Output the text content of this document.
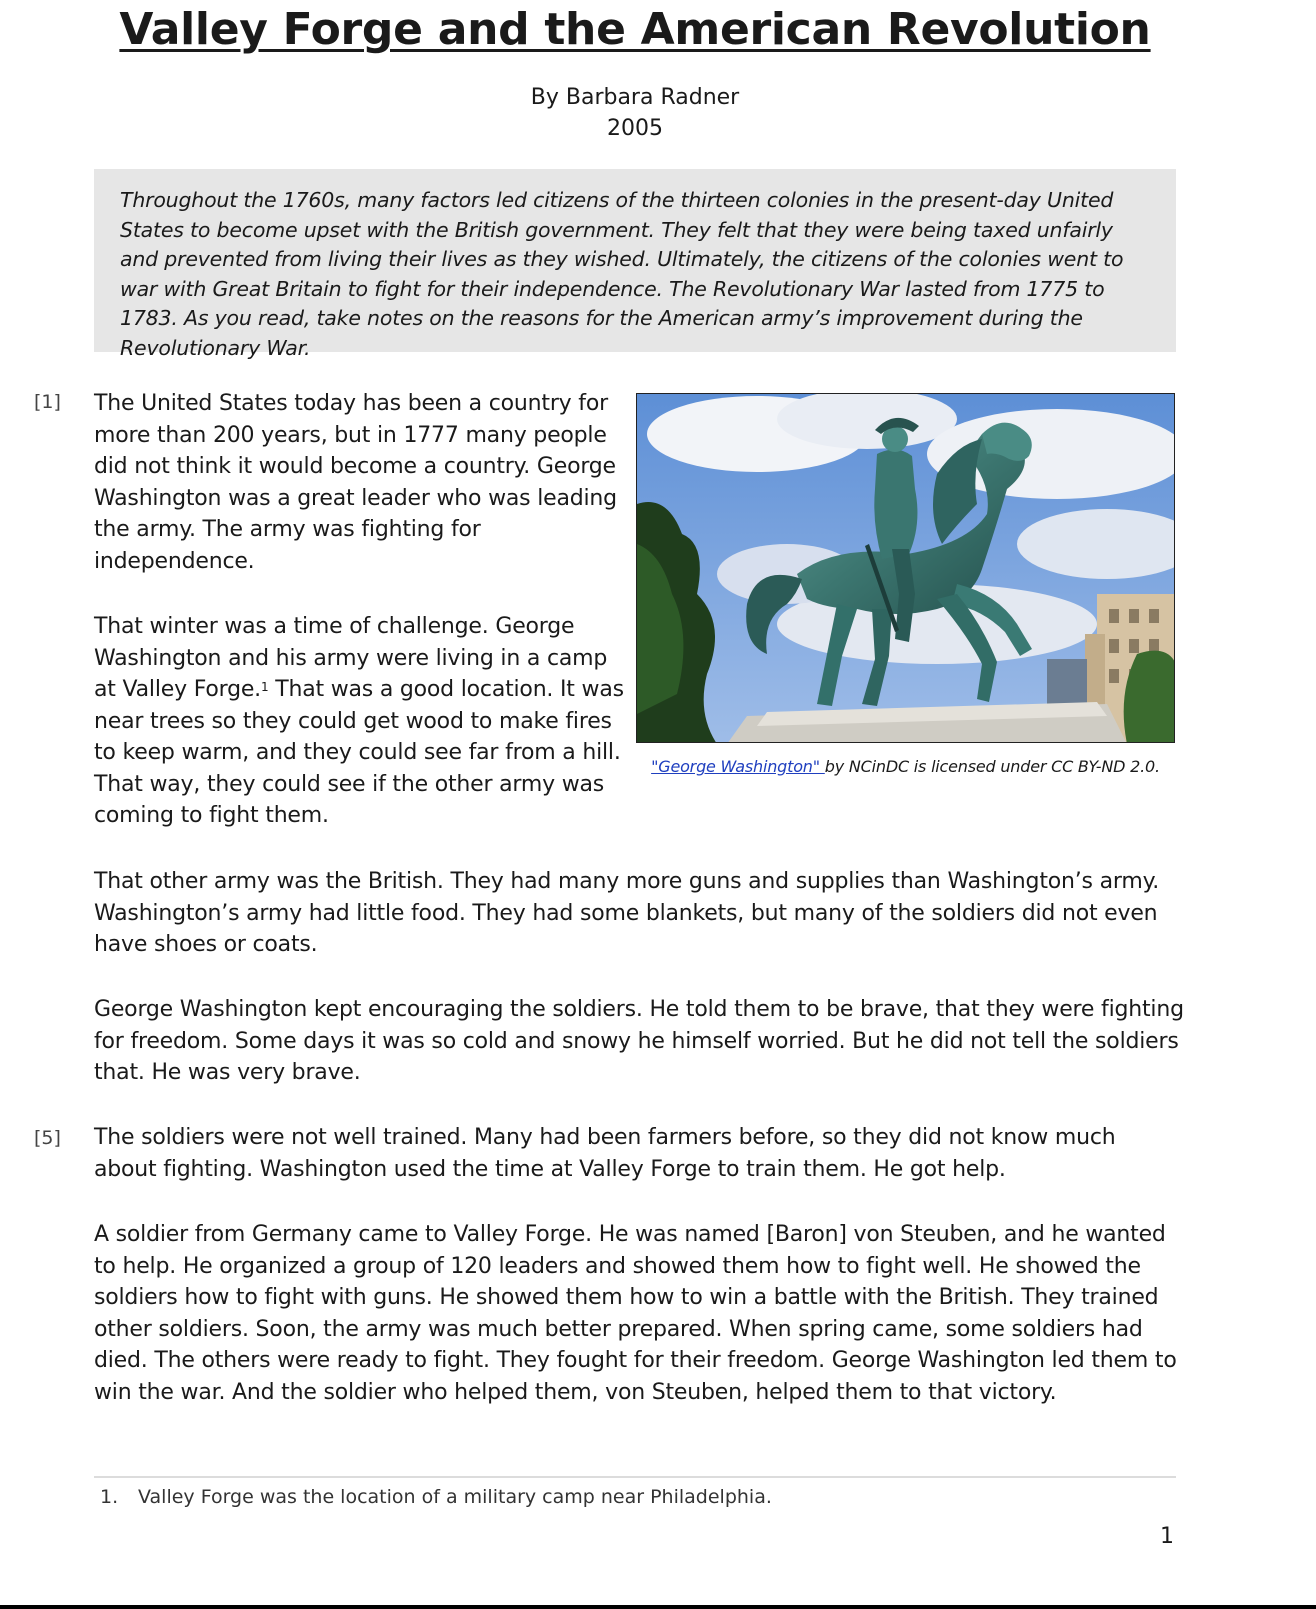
Valley Forge and the American Revolution
By Barbara Radner
2005
Throughout the 1760s, many factors led citizens of the thirteen colonies in the present-day United States to become upset with the British government. They felt that they were being taxed unfairly and prevented from living their lives as they wished. Ultimately, the citizens of the colonies went to war with Great Britain to fight for their independence. The Revolutionary War lasted from 1775 to 1783. As you read, take notes on the reasons for the American army’s improvement during the Revolutionary War.
[1] The United States today has been a country for more than 200 years, but in 1777 many people did not think it would become a country. George Washington was a great leader who was leading the army. The army was fighting for independence.

That winter was a time of challenge. George Washington and his army were living in a camp at Valley Forge.$^1$ That was a good location. It was near trees so they could get wood to make fires to keep warm, and they could see far from a hill. That way, they could see if the other army was coming to fight them.

"George Washington" by NCinDC is licensed under CC BY-ND 2.0.

That other army was the British. They had many more guns and supplies than Washington’s army. Washington’s army had little food. They had some blankets, but many of the soldiers did not even have shoes or coats.

George Washington kept encouraging the soldiers. He told them to be brave, that they were fighting for freedom. Some days it was so cold and snowy he himself worried. But he did not tell the soldiers that. He was very brave.

[5] The soldiers were not well trained. Many had been farmers before, so they did not know much about fighting. Washington used the time at Valley Forge to train them. He got help.

A soldier from Germany came to Valley Forge. He was named [Baron] von Steuben, and he wanted to help. He organized a group of 120 leaders and showed them how to fight well. He showed the soldiers how to fight with guns. He showed them how to win a battle with the British. They trained other soldiers. Soon, the army was much better prepared. When spring came, some soldiers had died. The others were ready to fight. They fought for their freedom. George Washington led them to win the war. And the soldier who helped them, von Steuben, helped them to that victory.

1. Valley Forge was the location of a military camp near Philadelphia.
1
